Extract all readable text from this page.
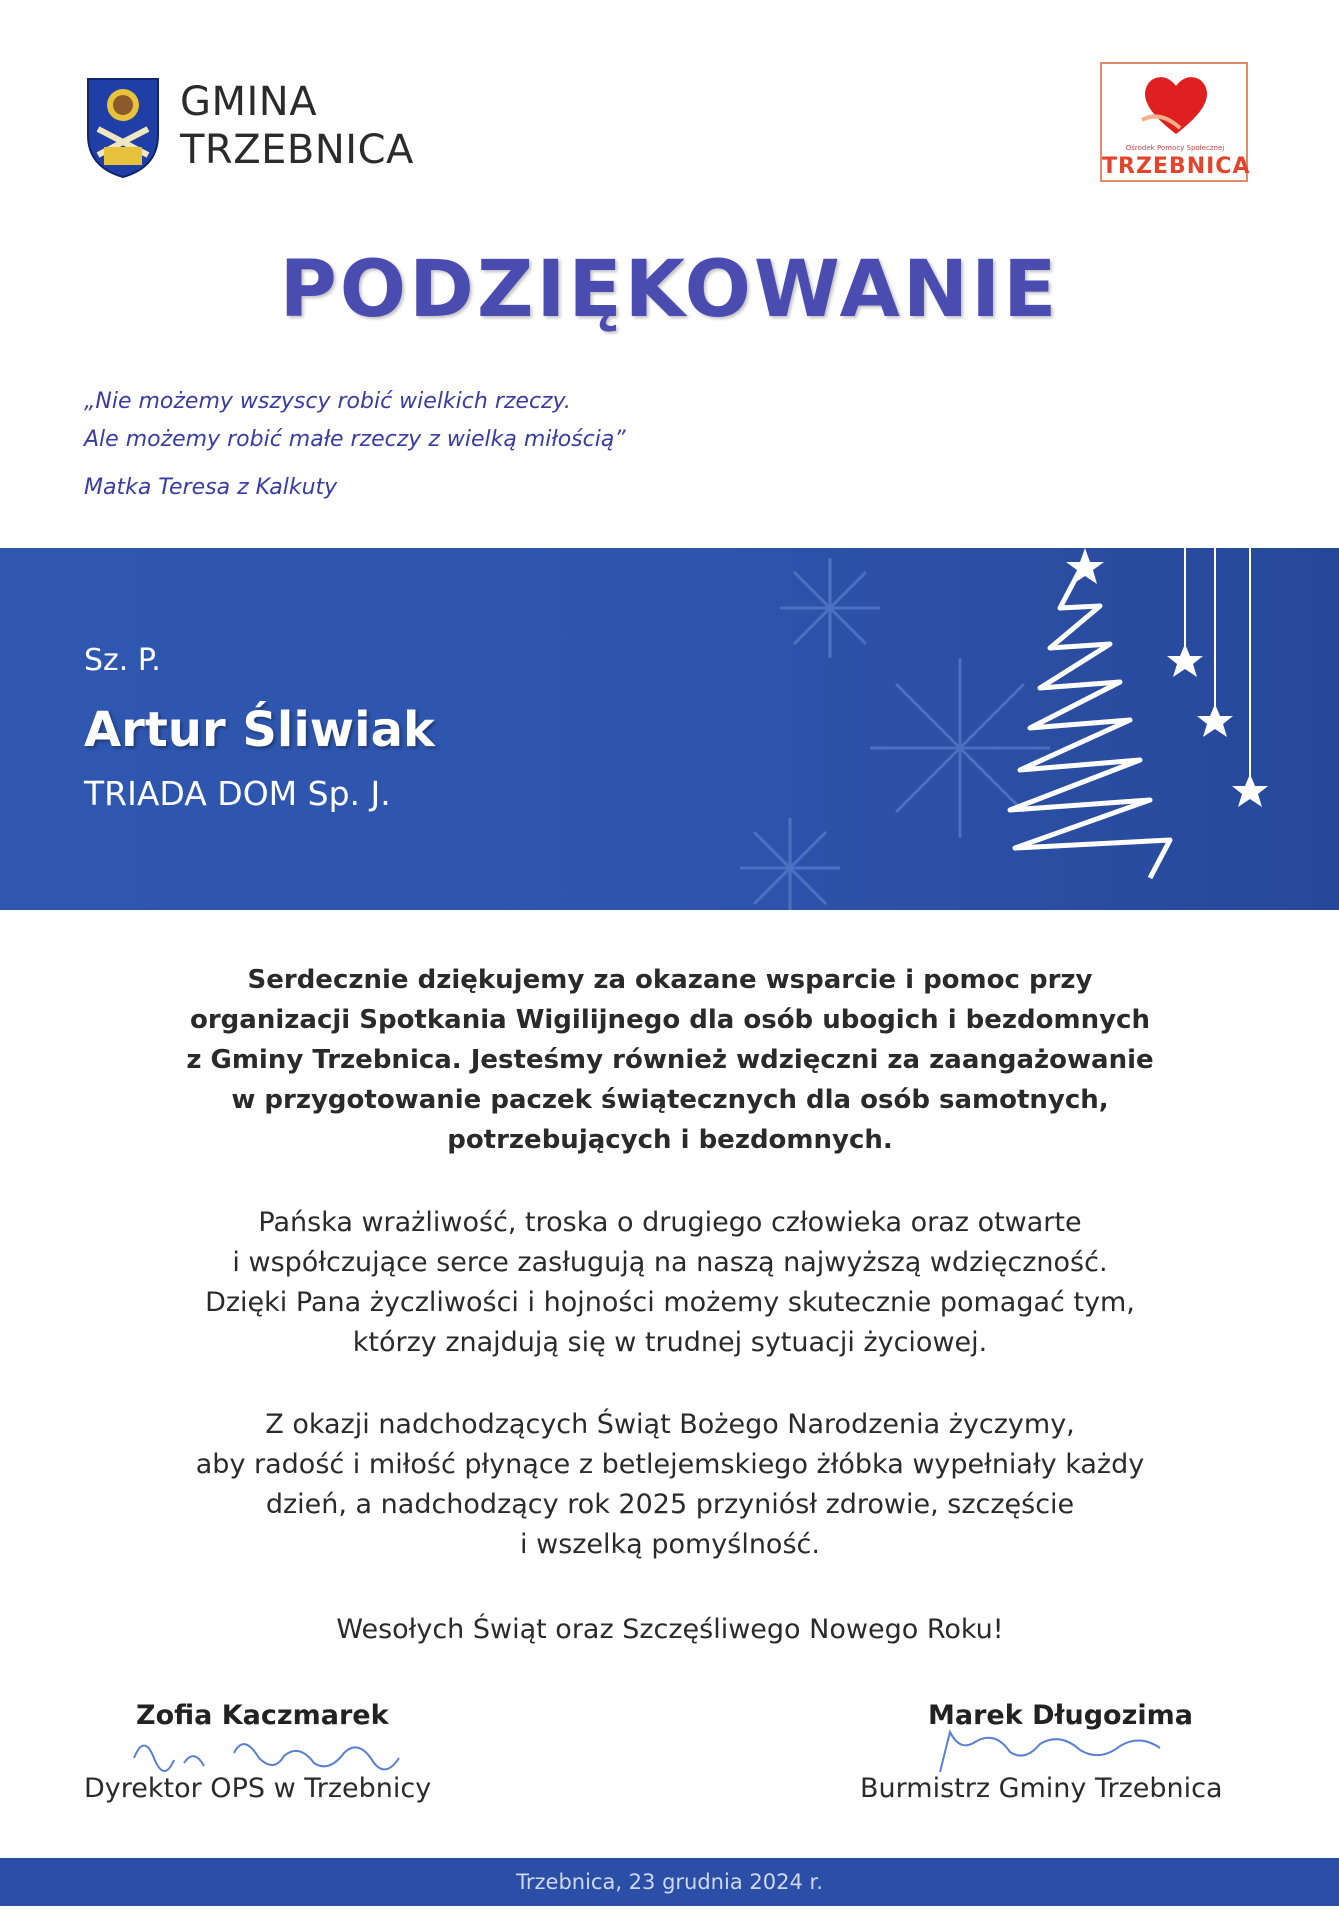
GMINA
TRZEBNICA	Ośrodek Pomocy Społecznej
TRZEBNICA
PODZIĘKOWANIE
„Nie możemy wszyscy robić wielkich rzeczy.
Ale możemy robić małe rzeczy z wielką miłością”
Matka Teresa z Kalkuty
Sz. P.
Artur Śliwiak
TRIADA DOM Sp. J.
Serdecznie dziękujemy za okazane wsparcie i pomoc przy
organizacji Spotkania Wigilijnego dla osób ubogich i bezdomnych
z Gminy Trzebnica. Jesteśmy również wdzięczni za zaangażowanie
w przygotowanie paczek świątecznych dla osób samotnych,
potrzebujących i bezdomnych.
Pańska wrażliwość, troska o drugiego człowieka oraz otwarte
i współczujące serce zasługują na naszą najwyższą wdzięczność.
Dzięki Pana życzliwości i hojności możemy skutecznie pomagać tym,
którzy znajdują się w trudnej sytuacji życiowej.
Z okazji nadchodzących Świąt Bożego Narodzenia życzymy,
aby radość i miłość płynące z betlejemskiego żłóbka wypełniały każdy
dzień, a nadchodzący rok 2025 przyniósł zdrowie, szczęście
i wszelką pomyślność.
Wesołych Świąt oraz Szczęśliwego Nowego Roku!
Zofia Kaczmarek
Dyrektor OPS w Trzebnicy
Marek Długozima
Burmistrz Gminy Trzebnica
Trzebnica, 23 grudnia 2024 r.
